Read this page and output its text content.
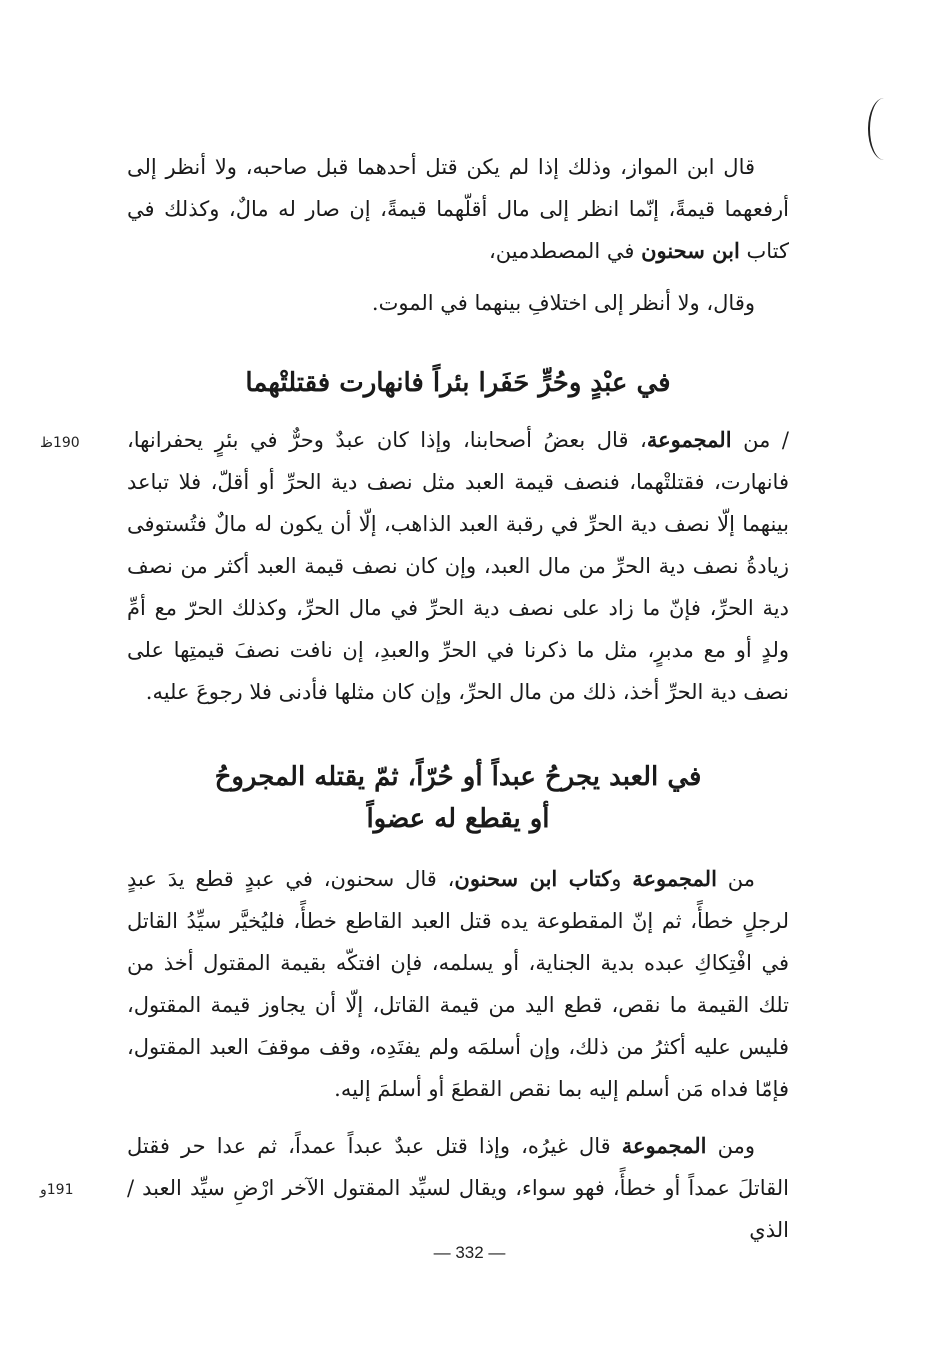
قال ابن المواز، وذلك إذا لم يكن قتل أحدهما قبل صاحبه، ولا أنظر إلى أرفعهما قيمةً، إنّما انظر إلى مال أقلّهما قيمةً، إن صار له مالٌ، وكذلك في كتاب ابن سحنون في المصطدمين،

وقال، ولا أنظر إلى اختلافِ بينهما في الموت.

في عبْدٍ وحُرٍّ حَفَرا بئراً فانهارت فقتلتْهما
190ظ	/ من المجموعة، قال بعضُ أصحابنا، وإذا كان عبدٌ وحرٌّ في بئرٍ يحفرانها، فانهارت، فقتلتْهما، فنصف قيمة العبد مثل نصف دية الحرِّ أو أقلّ، فلا تباعد بينهما إلّا نصف دية الحرِّ في رقبة العبد الذاهب، إلّا أن يكون له مالٌ فتُستوفى زيادةُ نصف دية الحرِّ من مال العبد، وإن كان نصف قيمة العبد أكثر من نصف دية الحرِّ، فإنّ ما زاد على نصف دية الحرِّ في مال الحرِّ، وكذلك الحرّ مع أمِّ ولدٍ أو مع مدبرٍ، مثل ما ذكرنا في الحرِّ والعبدِ، إن نافت نصفَ قيمتِها على نصف دية الحرِّ أخذ، ذلك من مال الحرِّ، وإن كان مثلها فأدنى فلا رجوعَ عليه.

في العبد يجرحُ عبداً أو حُرّاً، ثمّ يقتله المجروحُ
أو يقطع له عضواً

من المجموعة وكتاب ابن سحنون، قال سحنون، في عبدٍ قطع يدَ عبدٍ لرجلٍ خطأً، ثم إنّ المقطوعة يده قتل العبد القاطع خطأً، فليُخيَّر سيِّدُ القاتل في افْتِكاكِ عبده بدية الجناية، أو يسلمه، فإن افتكّه بقيمة المقتول أخذ من تلك القيمة ما نقص، قطع اليد من قيمة القاتل، إلّا أن يجاوز قيمة المقتول، فليس عليه أكثرُ من ذلك، وإن أسلمَه ولم يفتَدِه، وقف موقفَ العبد المقتول، فإمّا فداه مَن أسلم إليه بما نقص القطعَ أو أسلمَ إليه.

191و

ومن المجموعة قال غيرُه، وإذا قتل عبدٌ عبداً عمداً، ثم عدا حر فقتل القاتلَ عمداً أو خطأً، فهو سواء، ويقال لسيِّد المقتول الآخر ارْضِ سيِّد العبد / الذي

— 332 —
